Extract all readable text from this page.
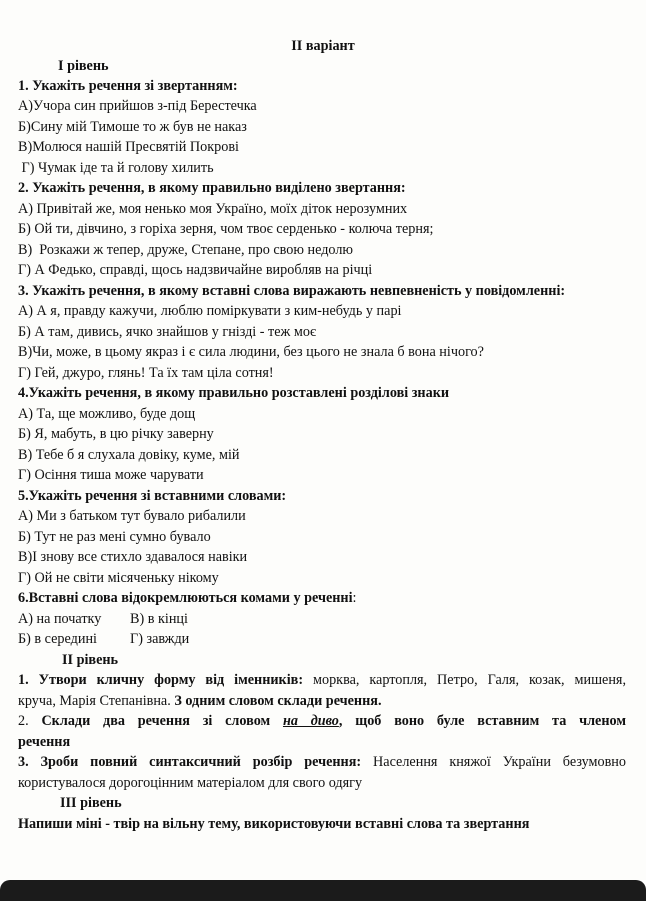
II варіант
І рівень
1. Укажіть речення зі звертанням:
А)Учора син прийшов з-під Берестечка
Б)Сину мій Тимоше то ж був не наказ
В)Молюся нашій Пресвятій Покрові
Г) Чумак іде та й голову хилить
2. Укажіть речення, в якому правильно виділено звертання:
А) Привітай же, моя ненько моя Україно, моїх діток нерозумних
Б) Ой ти, дівчино, з горіха зерня, чом твоє серденько - колюча терня;
В)  Розкажи ж тепер, друже, Степане, про свою недолю
Г) А Федько, справді, щось надзвичайне виробляв на річці
3. Укажіть речення, в якому вставні слова виражають невпевненість у повідомленні:
А) А я, правду кажучи, люблю поміркувати з ким-небудь у парі
Б) А там, дивись, ячко знайшов у гнізді - теж моє
В)Чи, може, в цьому якраз і є сила людини, без цього не знала б вона нічого?
Г) Гей, джуро, глянь! Та їх там ціла сотня!
4.Укажіть речення, в якому правильно розставлені розділові знаки
А) Та, ще можливо, буде дощ
Б) Я, мабуть, в цю річку заверну
В) Тебе б я слухала довіку, куме, мій
Г) Осіння тиша може чарувати
5.Укажіть речення зі вставними словами:
А) Ми з батьком тут бувало рибалили
Б) Тут не раз мені сумно бувало
В)І знову все стихло здавалося навіки
Г) Ой не світи місяченьку нікому
6.Вставні слова відокремлюються комами у реченні:
А) на початку В) в кінці
Б) в середині Г) завжди
ІІ рівень
1. Утвори кличну форму від іменників: морква, картопля, Петро, Галя, козак, мишеня,
круча, Марія Степанівна. З одним словом склади речення.
2. Склади два речення зі словом на диво, щоб воно буле вставним та членом
речення
3. Зроби повний синтаксичний розбір речення: Населення княжої України безумовно
користувалося дорогоцінним матеріалом для свого одягу
ІІІ рівень
Напиши міні - твір на вільну тему, використовуючи вставні слова та звертання
